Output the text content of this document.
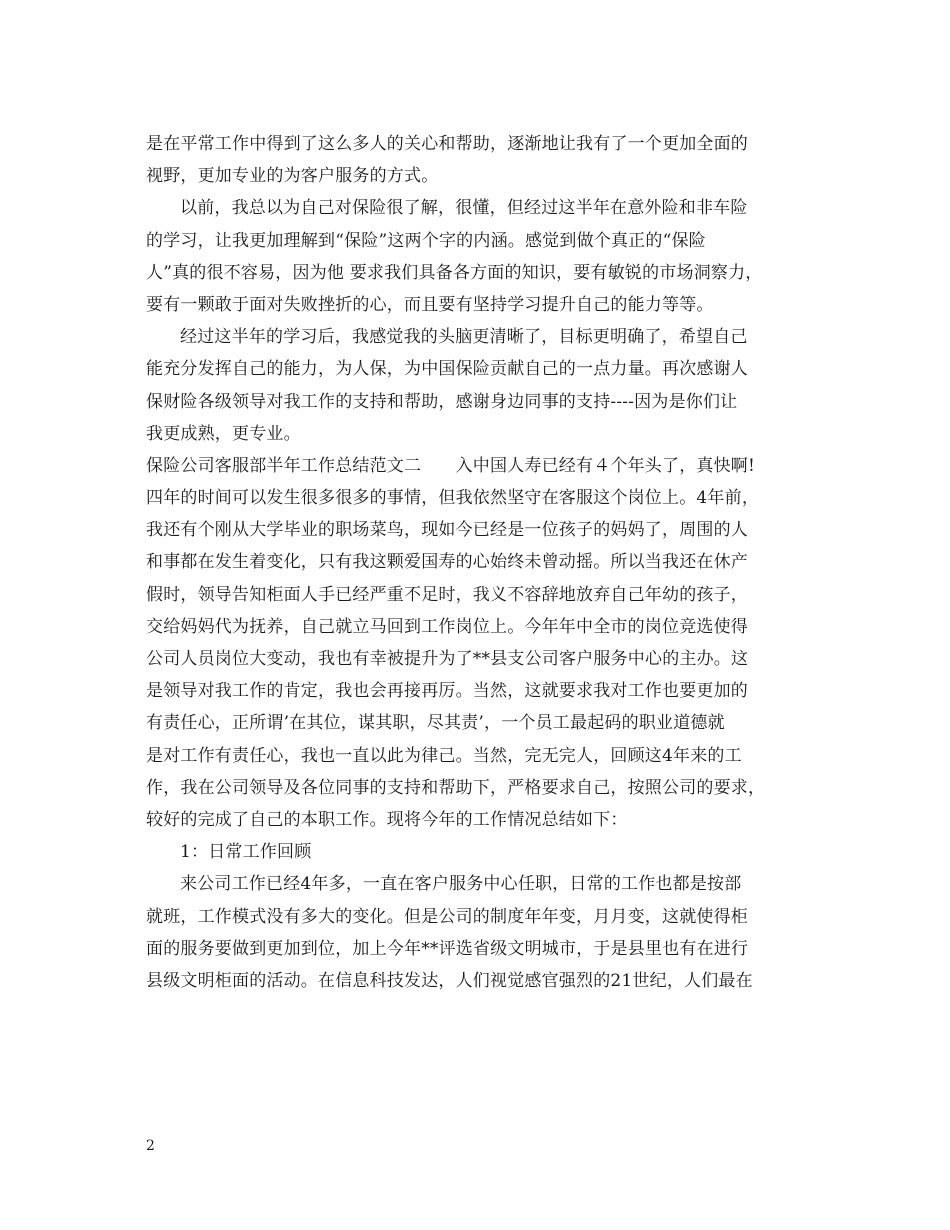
是在平常工作中得到了这么多人的关心和帮助，逐渐地让我有了一个更加全面的
视野，更加专业的为客户服务的方式。
以前，我总以为自己对保险很了解，很懂，但经过这半年在意外险和非车险
的学习，让我更加理解到“保险”这两个字的内涵。感觉到做个真正的“保险
人”真的很不容易，因为他 要求我们具备各方面的知识，要有敏锐的市场洞察力，
要有一颗敢于面对失败挫折的心，而且要有坚持学习提升自己的能力等等。
经过这半年的学习后，我感觉我的头脑更清晰了，目标更明确了，希望自己
能充分发挥自己的能力，为人保，为中国保险贡献自己的一点力量。再次感谢人
保财险各级领导对我工作的支持和帮助，感谢身边同事的支持----因为是你们让
我更成熟，更专业。
保险公司客服部半年工作总结范文二　　入中国人寿已经有４个年头了，真快啊!
四年的时间可以发生很多很多的事情，但我依然坚守在客服这个岗位上。4年前，
我还有个刚从大学毕业的职场菜鸟，现如今已经是一位孩子的妈妈了，周围的人
和事都在发生着变化，只有我这颗爱国寿的心始终未曾动摇。所以当我还在休产
假时，领导告知柜面人手已经严重不足时，我义不容辞地放弃自己年幼的孩子，
交给妈妈代为抚养，自己就立马回到工作岗位上。今年年中全市的岗位竞选使得
公司人员岗位大变动，我也有幸被提升为了**县支公司客户服务中心的主办。这
是领导对我工作的肯定，我也会再接再厉。当然，这就要求我对工作也要更加的
有责任心，正所谓’在其位，谋其职，尽其责’，一个员工最起码的职业道德就
是对工作有责任心，我也一直以此为律己。当然，完无完人，回顾这4年来的工
作，我在公司领导及各位同事的支持和帮助下，严格要求自己，按照公司的要求，
较好的完成了自己的本职工作。现将今年的工作情况总结如下：
1：日常工作回顾
来公司工作已经4年多，一直在客户服务中心任职，日常的工作也都是按部
就班，工作模式没有多大的变化。但是公司的制度年年变，月月变，这就使得柜
面的服务要做到更加到位，加上今年**评选省级文明城市，于是县里也有在进行
县级文明柜面的活动。在信息科技发达，人们视觉感官强烈的21世纪，人们最在
2
